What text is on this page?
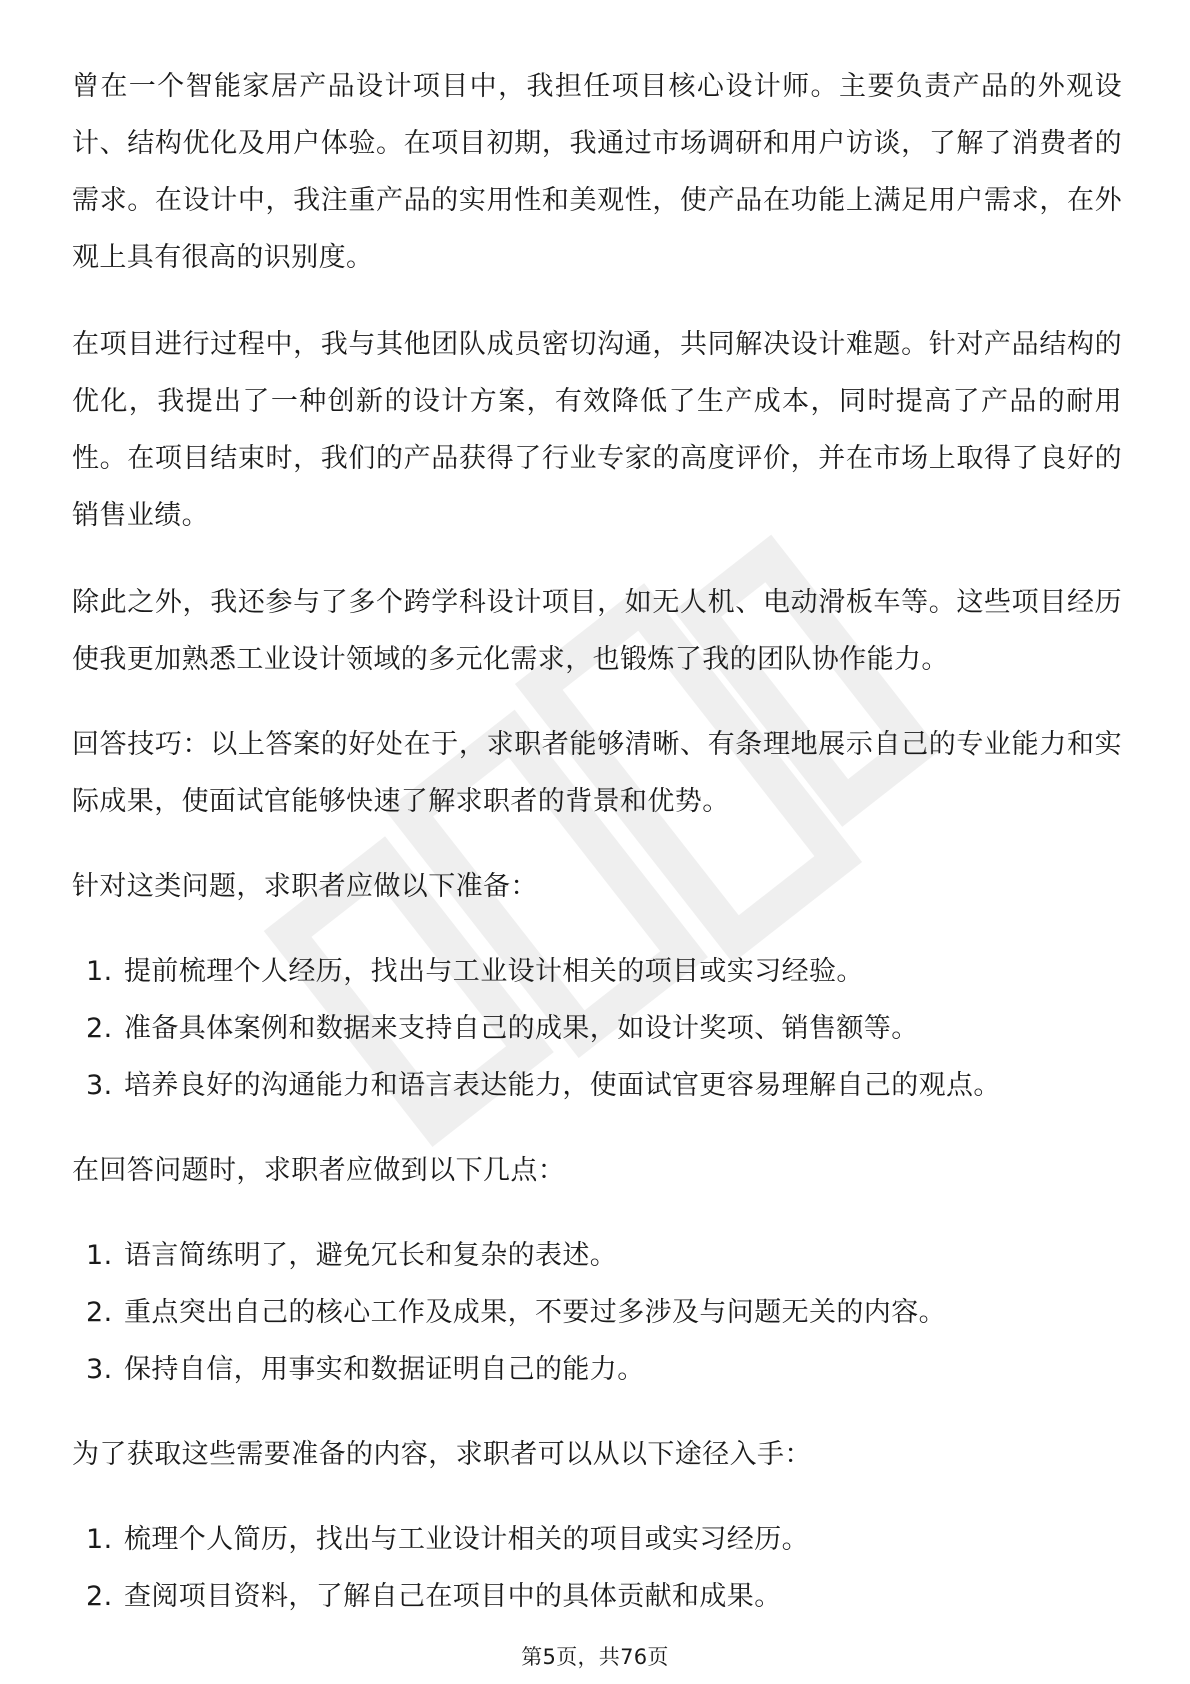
曾在一个智能家居产品设计项目中，我担任项目核心设计师。主要负责产品的外观设计、结构优化及用户体验。在项目初期，我通过市场调研和用户访谈，了解了消费者的需求。在设计中，我注重产品的实用性和美观性，使产品在功能上满足用户需求，在外观上具有很高的识别度。

在项目进行过程中，我与其他团队成员密切沟通，共同解决设计难题。针对产品结构的优化，我提出了一种创新的设计方案，有效降低了生产成本，同时提高了产品的耐用性。在项目结束时，我们的产品获得了行业专家的高度评价，并在市场上取得了良好的销售业绩。

除此之外，我还参与了多个跨学科设计项目，如无人机、电动滑板车等。这些项目经历使我更加熟悉工业设计领域的多元化需求，也锻炼了我的团队协作能力。

回答技巧：以上答案的好处在于，求职者能够清晰、有条理地展示自己的专业能力和实际成果，使面试官能够快速了解求职者的背景和优势。

针对这类问题，求职者应做以下准备：

1. 提前梳理个人经历，找出与工业设计相关的项目或实习经验。
2. 准备具体案例和数据来支持自己的成果，如设计奖项、销售额等。
3. 培养良好的沟通能力和语言表达能力，使面试官更容易理解自己的观点。

在回答问题时，求职者应做到以下几点：

1. 语言简练明了，避免冗长和复杂的表述。
2. 重点突出自己的核心工作及成果，不要过多涉及与问题无关的内容。
3. 保持自信，用事实和数据证明自己的能力。

为了获取这些需要准备的内容，求职者可以从以下途径入手：

1. 梳理个人简历，找出与工业设计相关的项目或实习经历。
2. 查阅项目资料，了解自己在项目中的具体贡献和成果。
第5页，共76页
